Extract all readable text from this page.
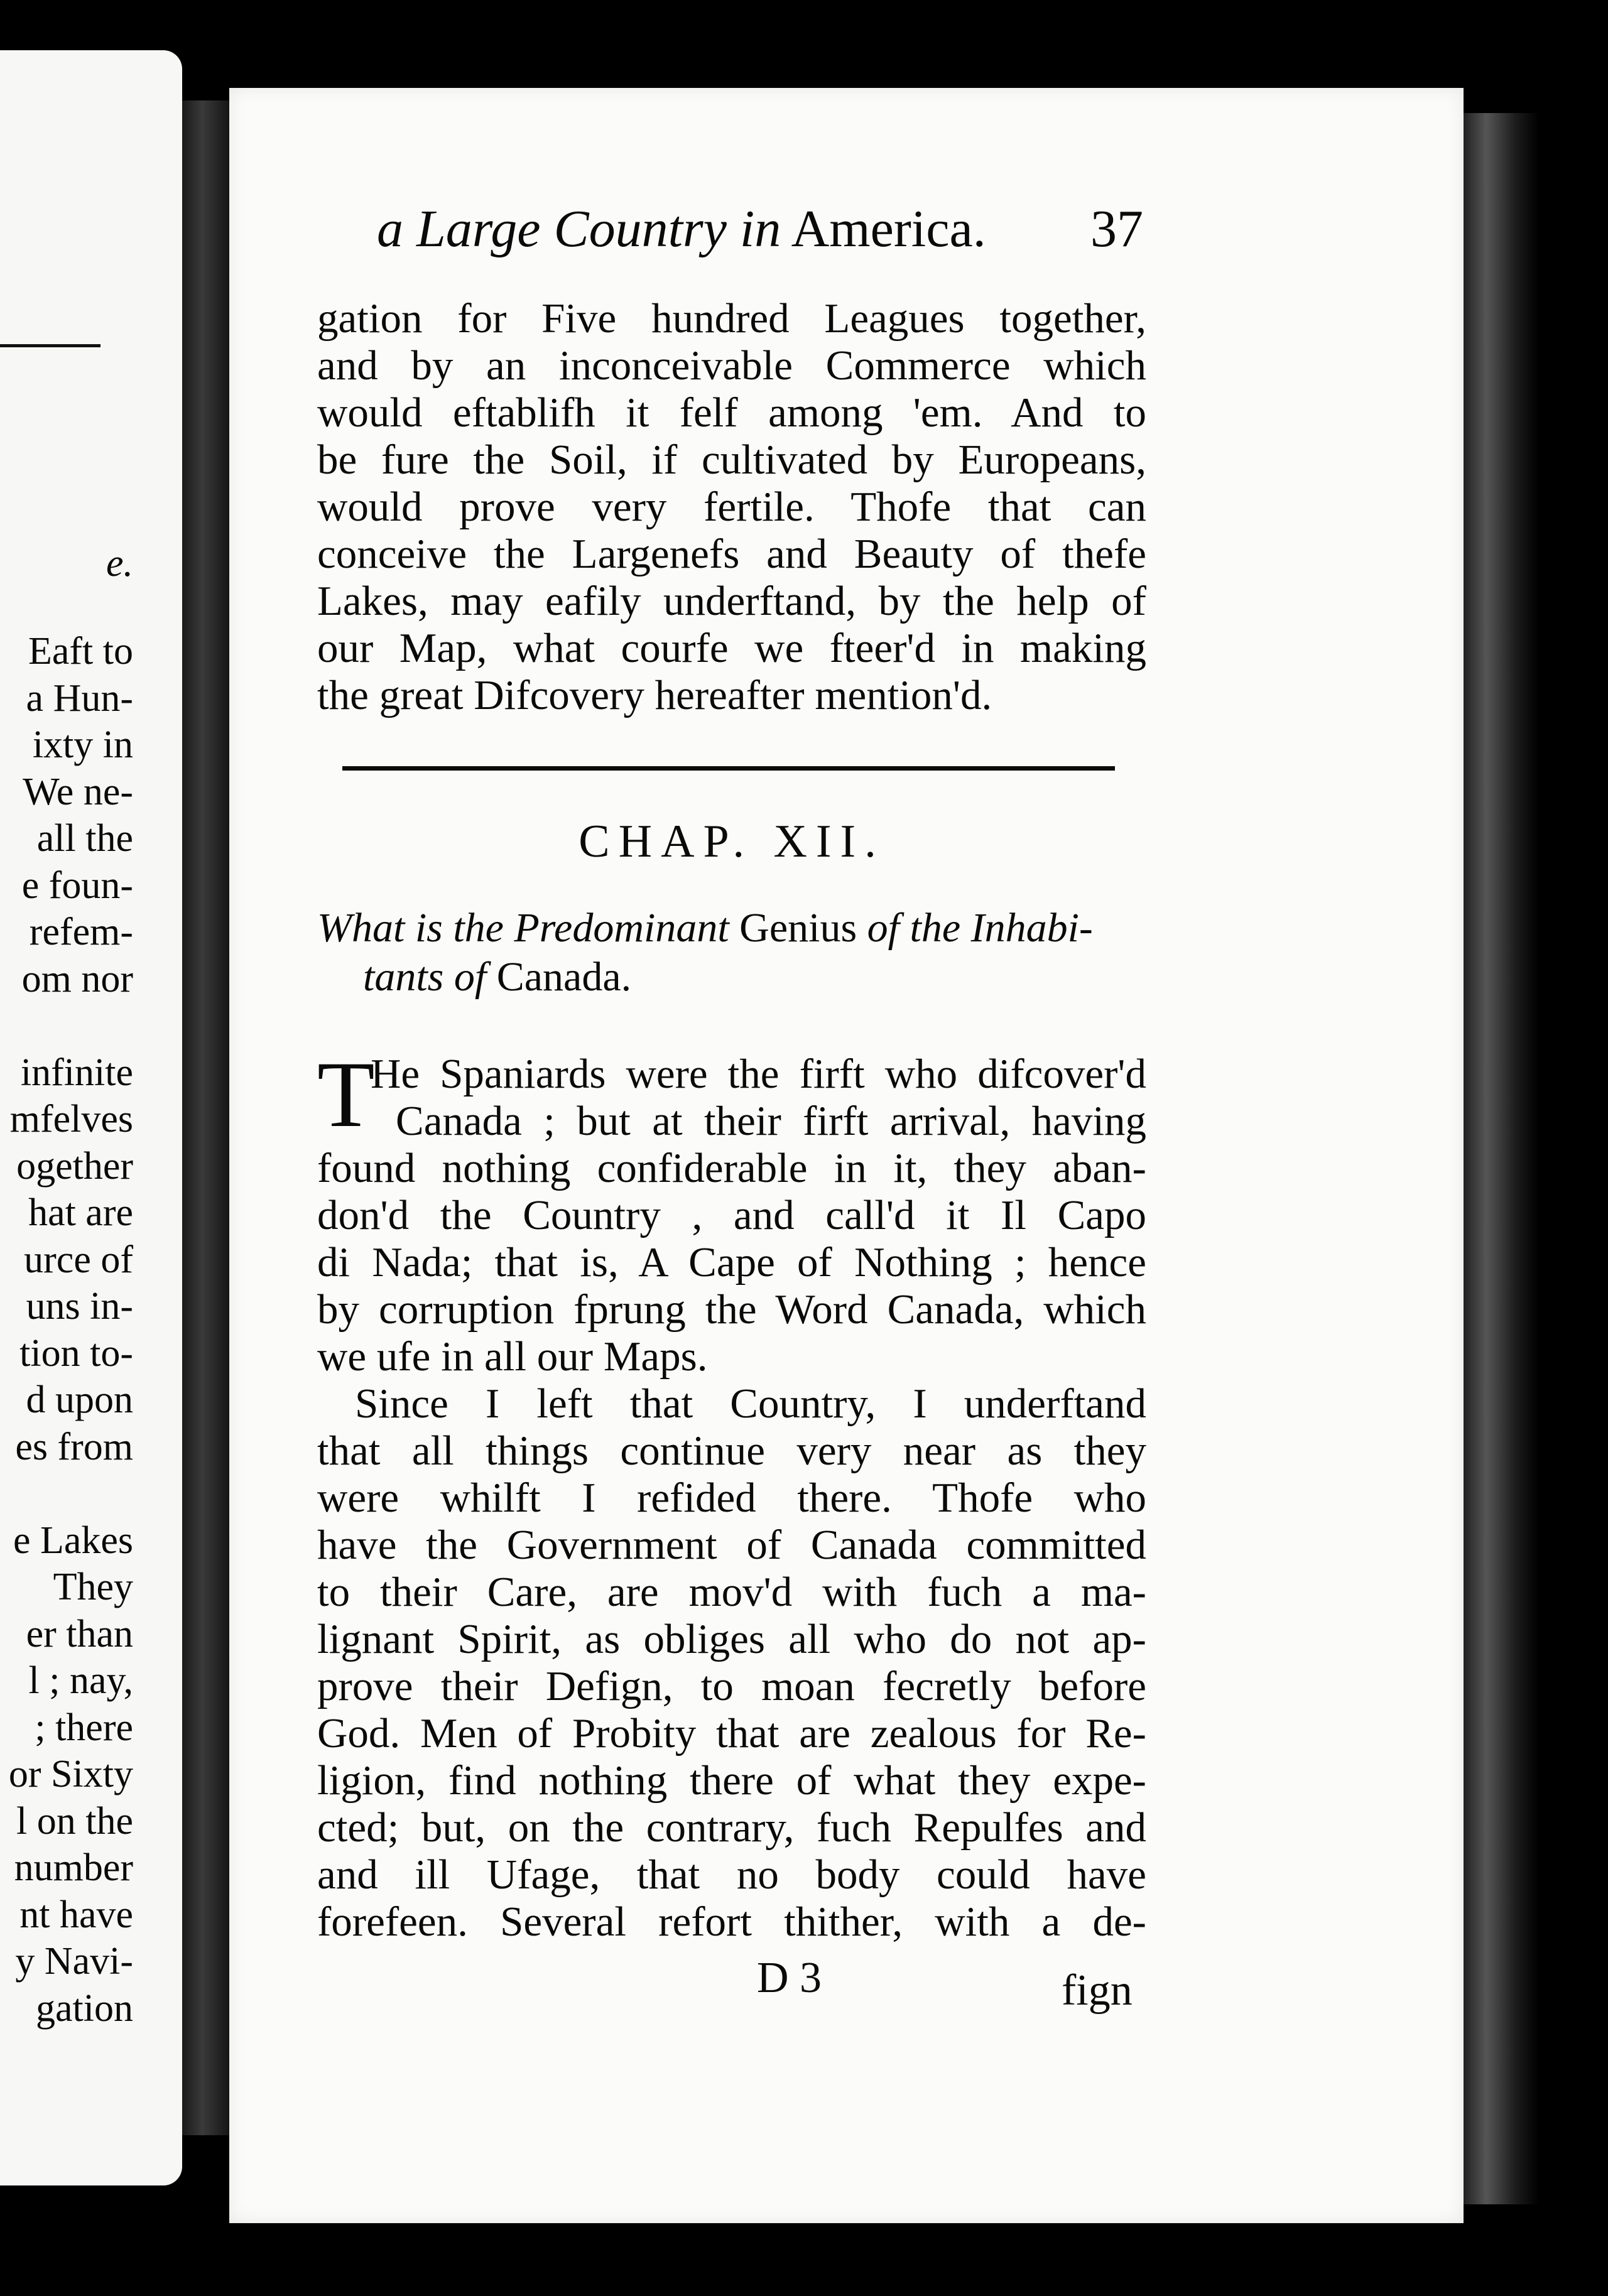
e.
Eaft to
a Hun-
ixty in
We ne-
all the
e foun-
refem-
om nor
infinite
mfelves
ogether
hat are
urce of
uns in-
tion to-
d upon
es from
e Lakes
They
er than
l ; nay,
; there
or Sixty
l on the
number
nt have
y Navi-
gation
a Large Country in America. 37
gation for Five hundred Leagues together,
and by an inconceivable Commerce which
would eftablifh it felf among 'em. And to
be fure the Soil, if cultivated by Europeans,
would prove very fertile. Thofe that can
conceive the Largenefs and Beauty of thefe
Lakes, may eafily underftand, by the help of
our Map, what courfe we fteer'd in making
the great Difcovery hereafter mention'd.
CHAP. XII.
What is the Predominant Genius of the Inhabi-
tants of Canada.
T
He Spaniards were the firft who difcover'd
Canada ; but at their firft arrival, having
found nothing confiderable in it, they aban-
don'd the Country , and call'd it Il Capo
di Nada; that is, A Cape of Nothing ; hence
by corruption fprung the Word Canada, which
we ufe in all our Maps.
Since I left that Country, I underftand
that all things continue very near as they
were whilft I refided there. Thofe who
have the Government of Canada committed
to their Care, are mov'd with fuch a ma-
lignant Spirit, as obliges all who do not ap-
prove their Defign, to moan fecretly before
God. Men of Probity that are zealous for Re-
ligion, find nothing there of what they expe-
cted; but, on the contrary, fuch Repulfes and
and ill Ufage, that no body could have
forefeen. Several refort thither, with a de-
D 3	fign
